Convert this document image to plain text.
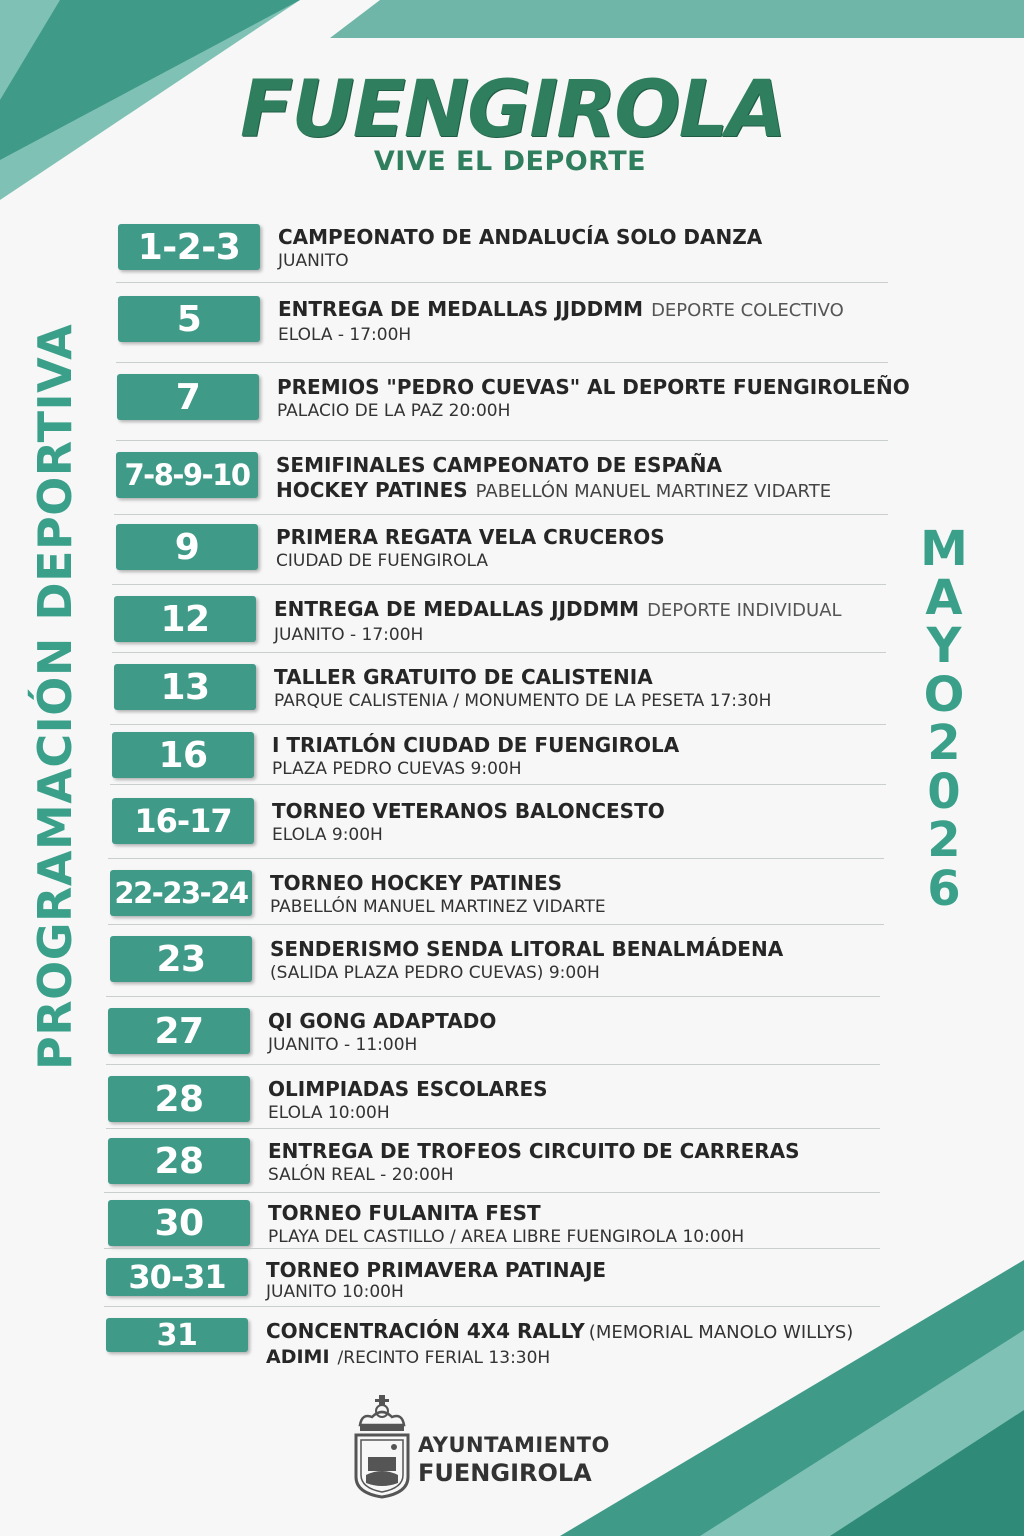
FUENGIROLA
VIVE EL DEPORTE
PROGRAMACIÓN DEPORTIVA	M
A
Y
O
2
0
2
6
1-2-3	CAMPEONATO DE ANDALUCÍA SOLO DANZA
JUANITO
5	ENTREGA DE MEDALLAS JJDDMM DEPORTE COLECTIVO
ELOLA - 17:00H
7	PREMIOS "PEDRO CUEVAS" AL DEPORTE FUENGIROLEÑO
PALACIO DE LA PAZ 20:00H
7-8-9-10	SEMIFINALES CAMPEONATO DE ESPAÑA
HOCKEY PATINES PABELLÓN MANUEL MARTINEZ VIDARTE
9	PRIMERA REGATA VELA CRUCEROS
CIUDAD DE FUENGIROLA
12	ENTREGA DE MEDALLAS JJDDMM DEPORTE INDIVIDUAL
JUANITO - 17:00H
13	TALLER GRATUITO DE CALISTENIA
PARQUE CALISTENIA / MONUMENTO DE LA PESETA 17:30H
16	I TRIATLÓN CIUDAD DE FUENGIROLA
PLAZA PEDRO CUEVAS 9:00H
16-17	TORNEO VETERANOS BALONCESTO
ELOLA 9:00H
22-23-24 TORNEO HOCKEY PATINES
PABELLÓN MANUEL MARTINEZ VIDARTE
23	SENDERISMO SENDA LITORAL BENALMÁDENA
(SALIDA PLAZA PEDRO CUEVAS) 9:00H
27	QI GONG ADAPTADO
JUANITO - 11:00H
28	OLIMPIADAS ESCOLARES
ELOLA 10:00H
28	ENTREGA DE TROFEOS CIRCUITO DE CARRERAS
SALÓN REAL - 20:00H
30	TORNEO FULANITA FEST
PLAYA DEL CASTILLO / AREA LIBRE FUENGIROLA 10:00H
30-31	TORNEO PRIMAVERA PATINAJE
JUANITO 10:00H
31	CONCENTRACIÓN 4X4 RALLY (MEMORIAL MANOLO WILLYS)
ADIMI /RECINTO FERIAL 13:30H
AYUNTAMIENTO
FUENGIROLA
